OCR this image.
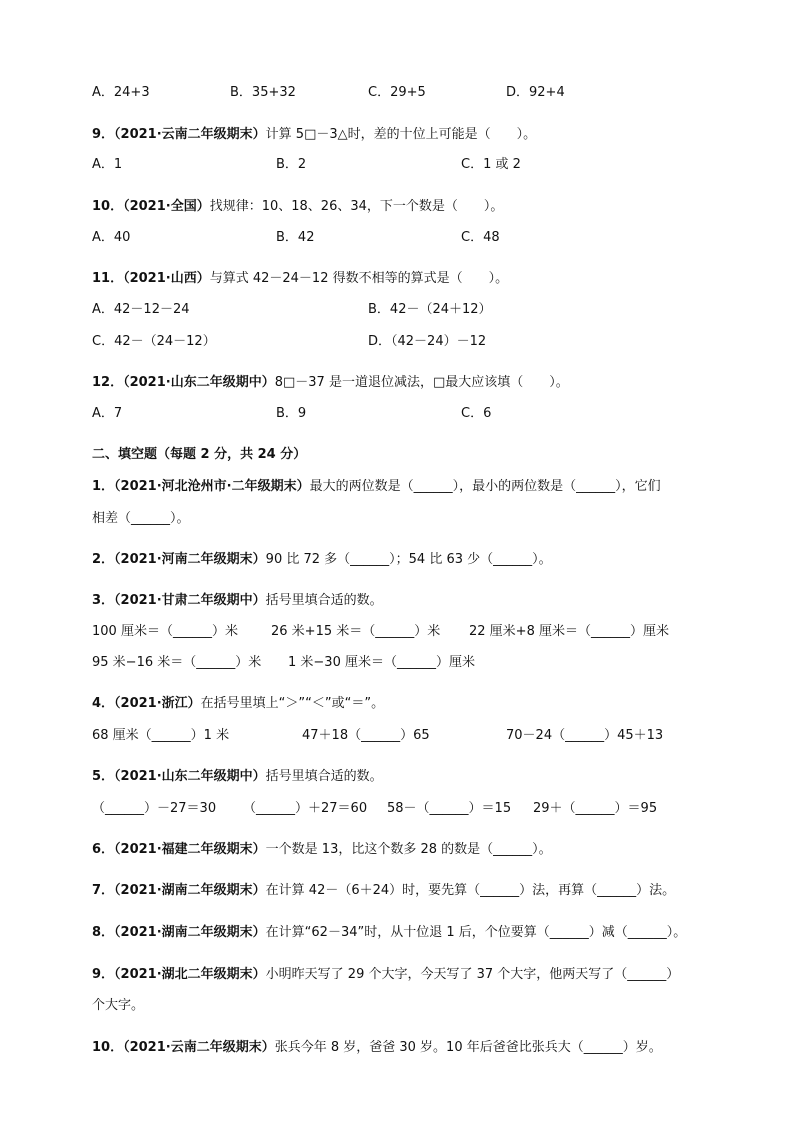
A．24+3	B．35+32	C．29+5	D．92+4
9．（2021·云南二年级期末）计算 5□－3△时，差的十位上可能是（　　）。
A．1	B．2	C．1 或 2
10．（2021·全国）找规律：10、18、26、34，下一个数是（　　）。
A．40	B．42	C．48
11．（2021·山西）与算式 42－24－12 得数不相等的算式是（　　）。
A．42－12－24	B．42－（24＋12）
C．42－（24－12）	D．（42－24）－12
12．（2021·山东二年级期中）8□－37 是一道退位减法，□最大应该填（　　）。
A．7	B．9	C．6
二、填空题（每题 2 分，共 24 分）
1．（2021·河北沧州市·二年级期末）最大的两位数是（______），最小的两位数是（______），它们
相差（______）。
2．（2021·河南二年级期末）90 比 72 多（______）；54 比 63 少（______）。
3．（2021·甘肃二年级期中）括号里填合适的数。
100 厘米＝（______）米	26 米+15 米＝（______）米 22 厘米+8 厘米＝（______）厘米
95 米−16 米＝（______）米 1 米−30 厘米＝（______）厘米
4．（2021·浙江）在括号里填上“＞”“＜”或“＝”。
68 厘米（______）1 米	47＋18（______）65	70－24（______）45＋13
5．（2021·山东二年级期中）括号里填合适的数。
（______）－27＝30 （______）＋27＝60 58－（______）＝15 29＋（______）＝95
6．（2021·福建二年级期末）一个数是 13，比这个数多 28 的数是（______）。
7．（2021·湖南二年级期末）在计算 42－（6＋24）时，要先算（______）法，再算（______）法。
8．（2021·湖南二年级期末）在计算“62－34”时，从十位退 1 后，个位要算（______）减（______）。
9．（2021·湖北二年级期末）小明昨天写了 29 个大字，今天写了 37 个大字，他两天写了（______）
个大字。
10．（2021·云南二年级期末）张兵今年 8 岁，爸爸 30 岁。10 年后爸爸比张兵大（______）岁。
